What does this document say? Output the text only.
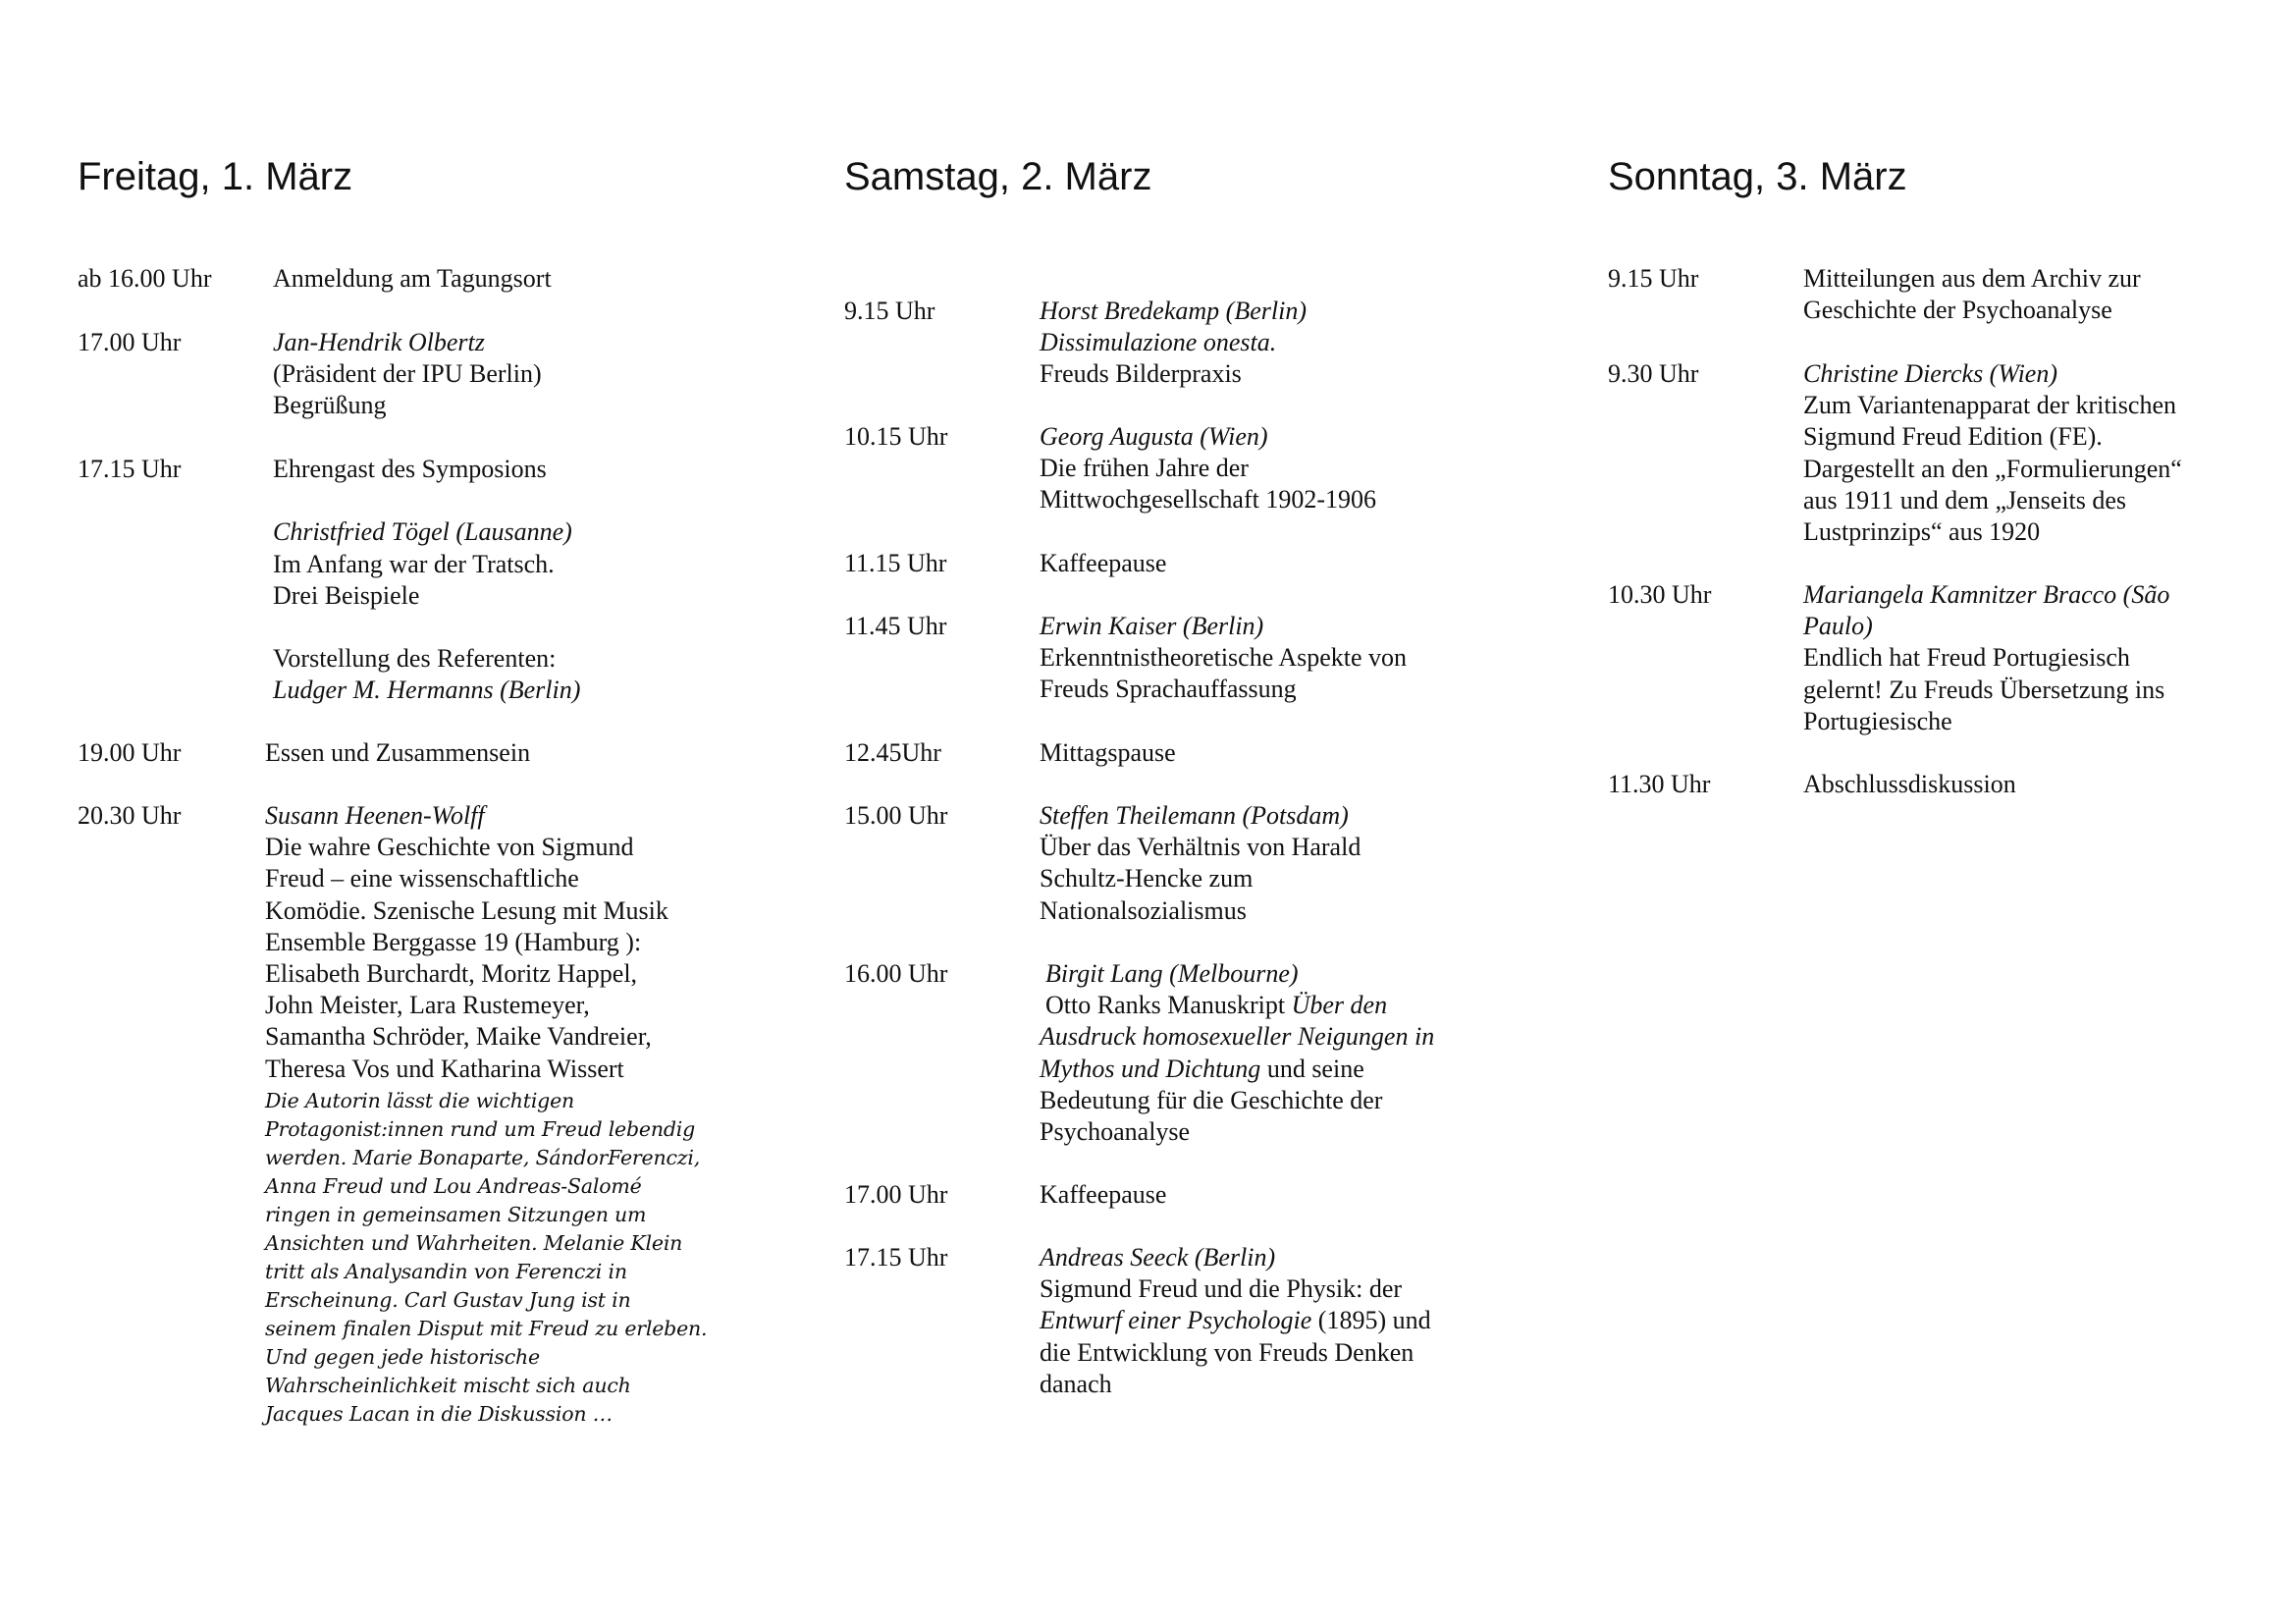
Freitag, 1. März
ab 16.00 Uhr Anmeldung am Tagungsort
17.00 Uhr	Jan-Hendrik Olbertz
(Präsident der IPU Berlin)
Begrüßung
17.15 Uhr	Ehrengast des Symposions
Christfried Tögel (Lausanne)
Im Anfang war der Tratsch.
Drei Beispiele
Vorstellung des Referenten:
Ludger M. Hermanns (Berlin)
19.00 Uhr	Essen und Zusammensein
20.30 Uhr	Susann Heenen-Wolff
Die wahre Geschichte von Sigmund
Freud – eine wissenschaftliche
Komödie. Szenische Lesung mit Musik
Ensemble Berggasse 19 (Hamburg ):
Elisabeth Burchardt, Moritz Happel,
John Meister, Lara Rustemeyer,
Samantha Schröder, Maike Vandreier,
Theresa Vos und Katharina Wissert
Die Autorin lässt die wichtigen
Protagonist:innen rund um Freud lebendig
werden. Marie Bonaparte, SándorFerenczi,
Anna Freud und Lou Andreas-Salomé
ringen in gemeinsamen Sitzungen um
Ansichten und Wahrheiten. Melanie Klein
tritt als Analysandin von Ferenczi in
Erscheinung. Carl Gustav Jung ist in
seinem finalen Disput mit Freud zu erleben.
Und gegen jede historische
Wahrscheinlichkeit mischt sich auch
Jacques Lacan in die Diskussion …
Samstag, 2. März
9.15 Uhr	Horst Bredekamp (Berlin)
Dissimulazione onesta.
Freuds Bilderpraxis
10.15 Uhr	Georg Augusta (Wien)
Die frühen Jahre der
Mittwochgesellschaft 1902-1906
11.15 Uhr	Kaffeepause
11.45 Uhr	Erwin Kaiser (Berlin)
Erkenntnistheoretische Aspekte von
Freuds Sprachauffassung
12.45Uhr	Mittagspause
15.00 Uhr	Steffen Theilemann (Potsdam)
Über das Verhältnis von Harald
Schultz-Hencke zum
Nationalsozialismus
16.00 Uhr	Birgit Lang (Melbourne)
Otto Ranks Manuskript Über den
Ausdruck homosexueller Neigungen in
Mythos und Dichtung und seine
Bedeutung für die Geschichte der
Psychoanalyse
17.00 Uhr	Kaffeepause
17.15 Uhr	Andreas Seeck (Berlin)
Sigmund Freud und die Physik: der
Entwurf einer Psychologie (1895) und
die Entwicklung von Freuds Denken
danach
Sonntag, 3. März
9.15 Uhr	Mitteilungen aus dem Archiv zur
Geschichte der Psychoanalyse
9.30 Uhr	Christine Diercks (Wien)
Zum Variantenapparat der kritischen
Sigmund Freud Edition (FE).
Dargestellt an den „Formulierungen“
aus 1911 und dem „Jenseits des
Lustprinzips“ aus 1920
10.30 Uhr	Mariangela Kamnitzer Bracco (São
Paulo)
Endlich hat Freud Portugiesisch
gelernt! Zu Freuds Übersetzung ins
Portugiesische
11.30 Uhr	Abschlussdiskussion
